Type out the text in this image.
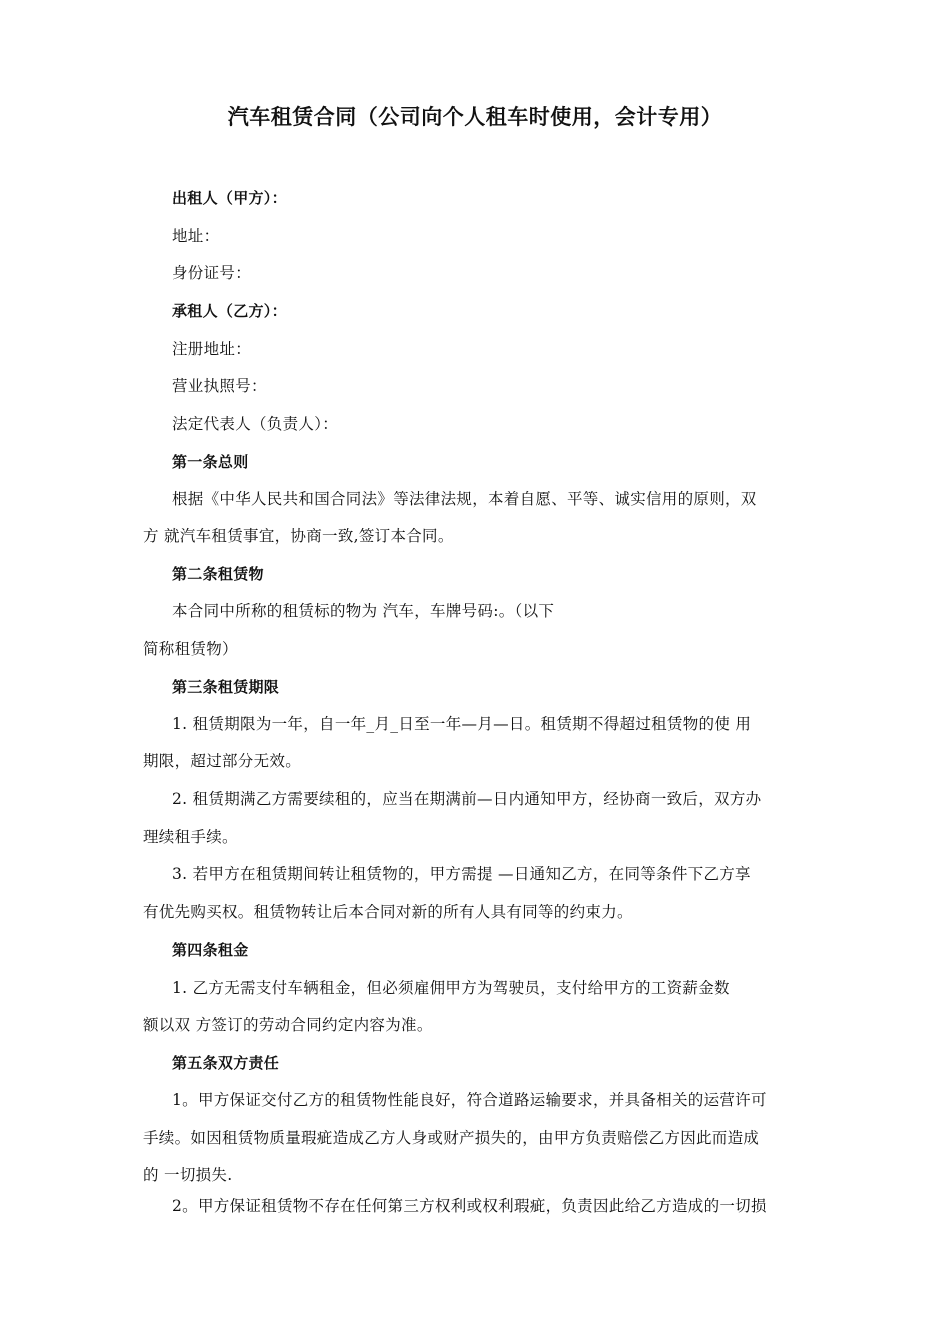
汽车租赁合同（公司向个人租车时使用，会计专用）
出租人（甲方）：
地址：
身份证号：
承租人（乙方）：
注册地址：
营业执照号：
法定代表人（负责人）：
第一条总则
根据《中华人民共和国合同法》等法律法规，本着自愿、平等、诚实信用的原则，双
方 就汽车租赁事宜，协商一致,签订本合同。
第二条租赁物
本合同中所称的租赁标的物为 汽车，车牌号码:。（以下
简称租赁物）
第三条租赁期限
1. 租赁期限为一年，自一年_月_日至一年—月—日。租赁期不得超过租赁物的使 用
期限，超过部分无效。
2. 租赁期满乙方需要续租的，应当在期满前—日内通知甲方，经协商一致后，双方办
理续租手续。
3. 若甲方在租赁期间转让租赁物的，甲方需提 —日通知乙方，在同等条件下乙方享
有优先购买权。租赁物转让后本合同对新的所有人具有同等的约束力。
第四条租金
1. 乙方无需支付车辆租金，但必须雇佣甲方为驾驶员，支付给甲方的工资薪金数
额以双 方签订的劳动合同约定内容为准。
第五条双方责任
1。甲方保证交付乙方的租赁物性能良好，符合道路运输要求，并具备相关的运营许可
手续。如因租赁物质量瑕疵造成乙方人身或财产损失的，由甲方负责赔偿乙方因此而造成
的 一切损失.
2。甲方保证租赁物不存在任何第三方权利或权利瑕疵，负责因此给乙方造成的一切损
